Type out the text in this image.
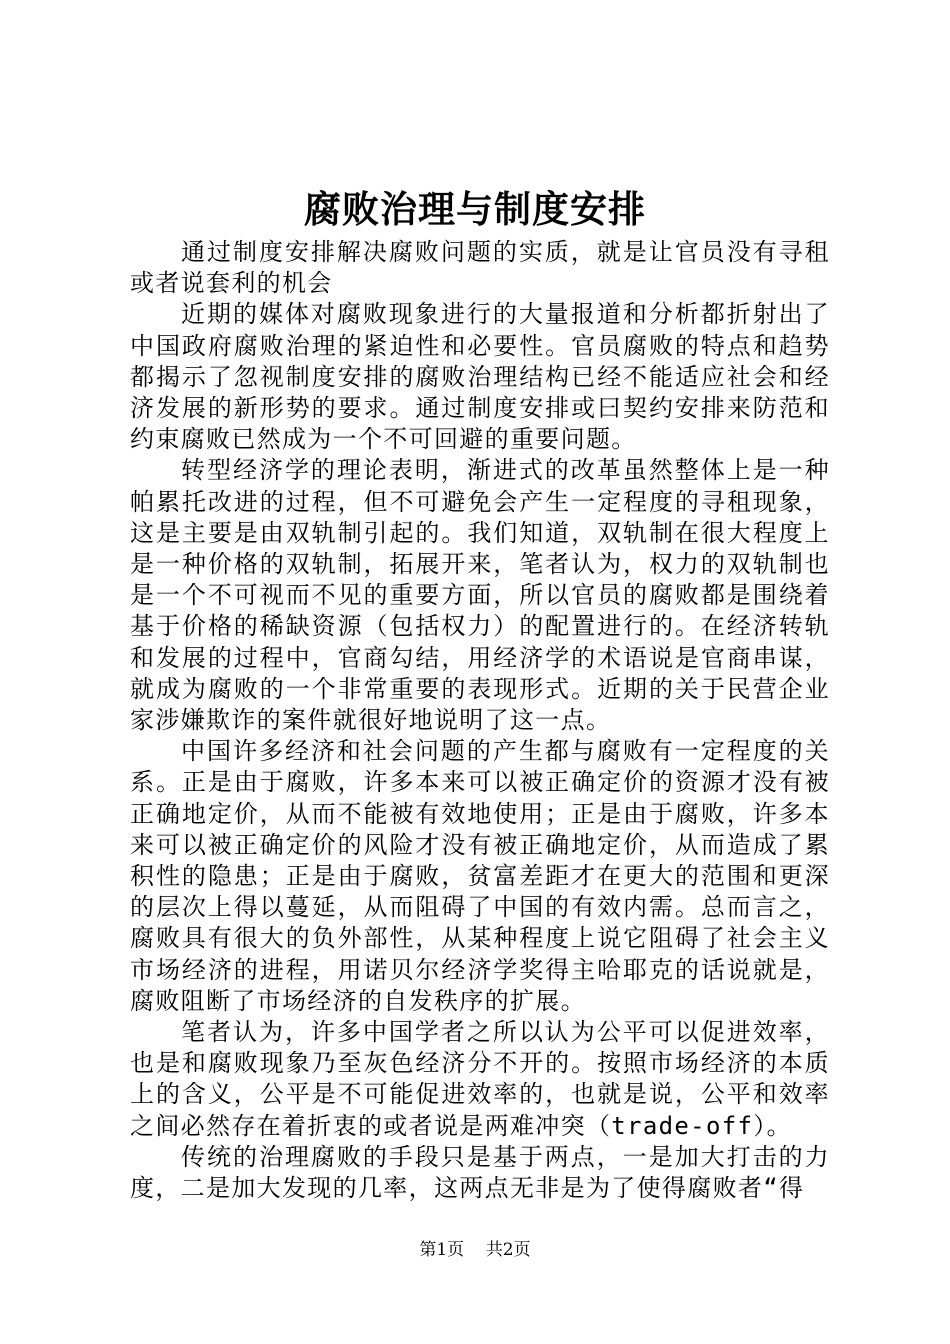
腐败治理与制度安排

通过制度安排解决腐败问题的实质，就是让官员没有寻租或者说套利的机会

近期的媒体对腐败现象进行的大量报道和分析都折射出了中国政府腐败治理的紧迫性和必要性。官员腐败的特点和趋势都揭示了忽视制度安排的腐败治理结构已经不能适应社会和经济发展的新形势的要求。通过制度安排或曰契约安排来防范和约束腐败已然成为一个不可回避的重要问题。

转型经济学的理论表明，渐进式的改革虽然整体上是一种帕累托改进的过程，但不可避免会产生一定程度的寻租现象，这是主要是由双轨制引起的。我们知道，双轨制在很大程度上是一种价格的双轨制，拓展开来，笔者认为，权力的双轨制也是一个不可视而不见的重要方面，所以官员的腐败都是围绕着基于价格的稀缺资源（包括权力）的配置进行的。在经济转轨和发展的过程中，官商勾结，用经济学的术语说是官商串谋，就成为腐败的一个非常重要的表现形式。近期的关于民营企业家涉嫌欺诈的案件就很好地说明了这一点。

中国许多经济和社会问题的产生都与腐败有一定程度的关系。正是由于腐败，许多本来可以被正确定价的资源才没有被正确地定价，从而不能被有效地使用；正是由于腐败，许多本来可以被正确定价的风险才没有被正确地定价，从而造成了累积性的隐患；正是由于腐败，贫富差距才在更大的范围和更深的层次上得以蔓延，从而阻碍了中国的有效内需。总而言之，腐败具有很大的负外部性，从某种程度上说它阻碍了社会主义市场经济的进程，用诺贝尔经济学奖得主哈耶克的话说就是，腐败阻断了市场经济的自发秩序的扩展。

笔者认为，许多中国学者之所以认为公平可以促进效率，也是和腐败现象乃至灰色经济分不开的。按照市场经济的本质上的含义，公平是不可能促进效率的，也就是说，公平和效率之间必然存在着折衷的或者说是两难冲突（trade-off）。

传统的治理腐败的手段只是基于两点，一是加大打击的力度，二是加大发现的几率，这两点无非是为了使得腐败者“得

第1页 共2页
